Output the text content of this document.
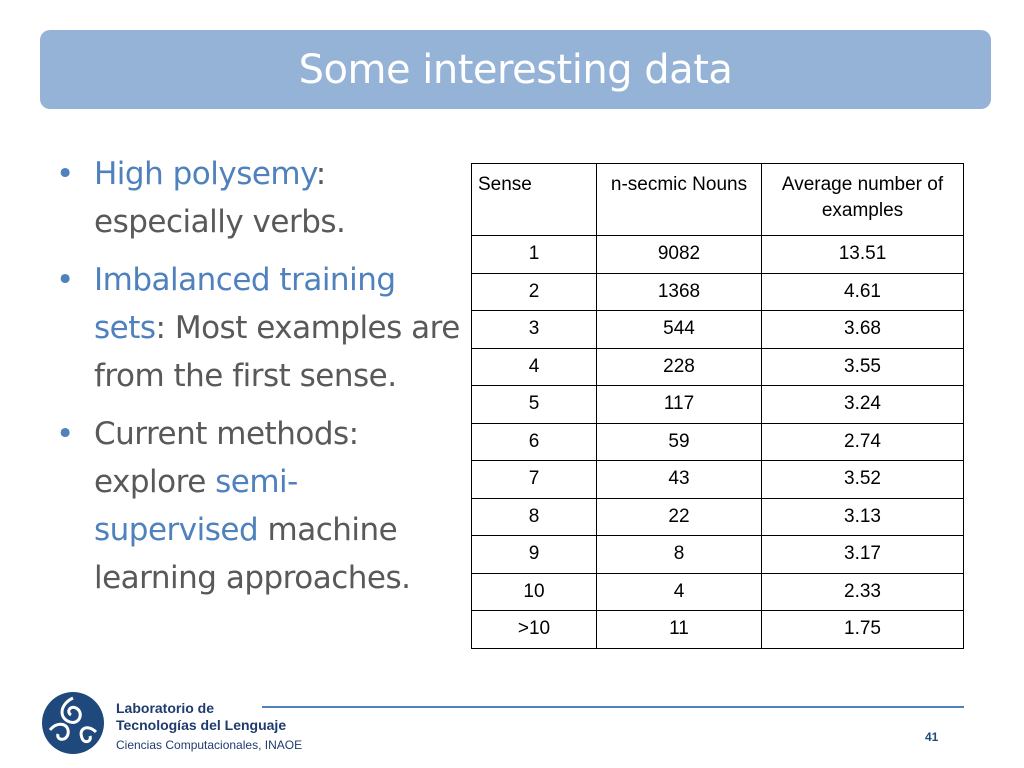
Some interesting data
• High polysemy: especially verbs.
• Imbalanced training sets: Most examples are from the first sense.
• Current methods: explore semi-supervised machine learning approaches.
Sense	n-secmic Nouns	Average number of examples
1	9082	13.51
2	1368	4.61
3	544	3.68
4	228	3.55
5	117	3.24
6	59	2.74
7	43	3.52
8	22	3.13
9	8	3.17
10	4	2.33
>10	11	1.75
Laboratorio de
Tecnologías del Lenguaje
Ciencias Computacionales, INAOE
41
